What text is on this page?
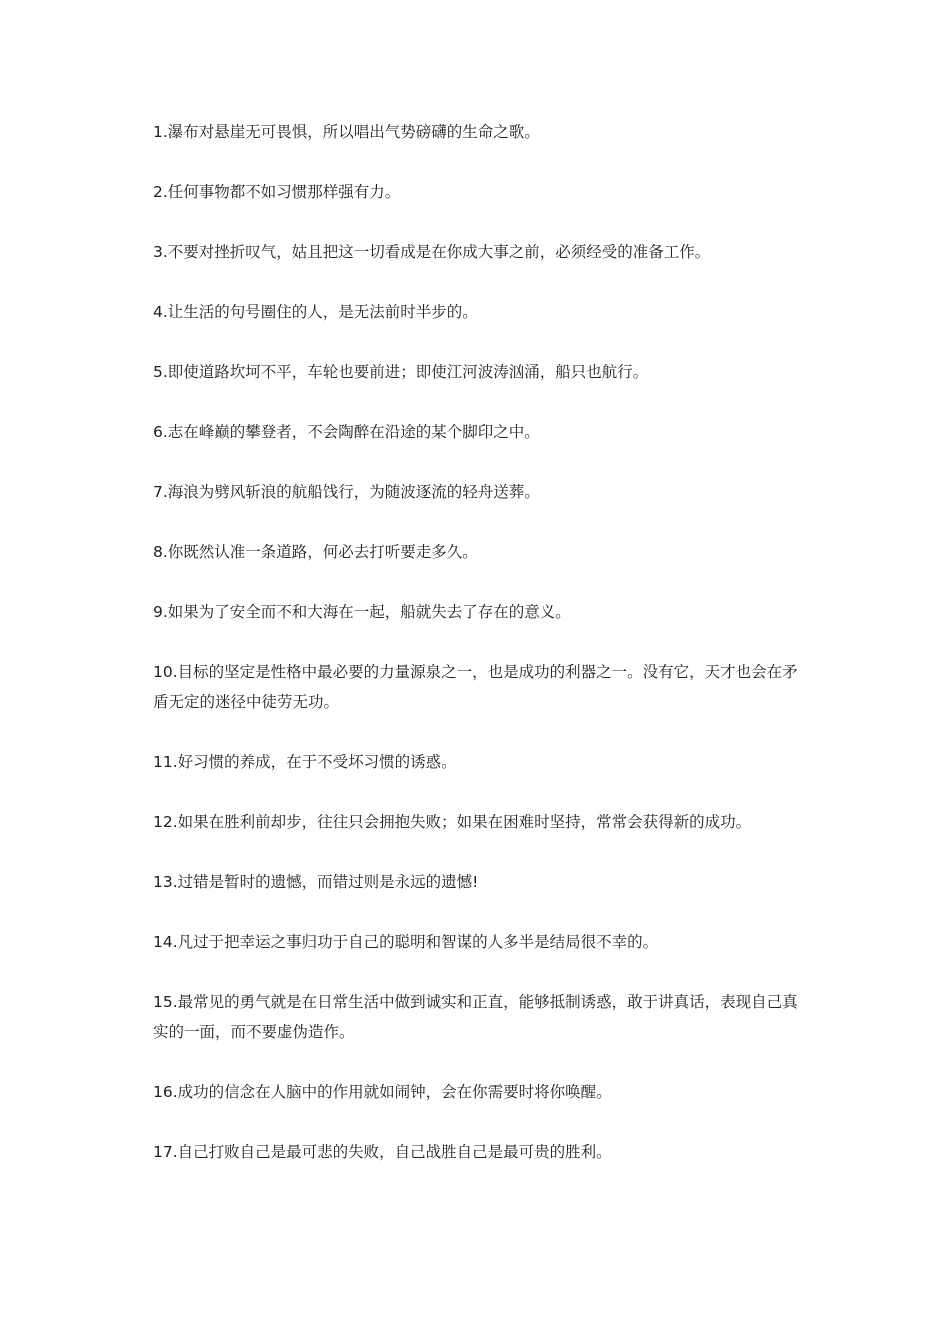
1.瀑布对悬崖无可畏惧，所以唱出气势磅礴的生命之歌。
2.任何事物都不如习惯那样强有力。
3.不要对挫折叹气，姑且把这一切看成是在你成大事之前，必须经受的准备工作。
4.让生活的句号圈住的人，是无法前时半步的。
5.即使道路坎坷不平，车轮也要前进；即使江河波涛汹涌，船只也航行。
6.志在峰巅的攀登者，不会陶醉在沿途的某个脚印之中。
7.海浪为劈风斩浪的航船饯行，为随波逐流的轻舟送葬。
8.你既然认准一条道路，何必去打听要走多久。
9.如果为了安全而不和大海在一起，船就失去了存在的意义。
10.目标的坚定是性格中最必要的力量源泉之一，也是成功的利器之一。没有它，天才也会在矛盾无定的迷径中徒劳无功。
11.好习惯的养成，在于不受坏习惯的诱惑。
12.如果在胜利前却步，往往只会拥抱失败；如果在困难时坚持，常常会获得新的成功。
13.过错是暂时的遗憾，而错过则是永远的遗憾!
14.凡过于把幸运之事归功于自己的聪明和智谋的人多半是结局很不幸的。
15.最常见的勇气就是在日常生活中做到诚实和正直，能够抵制诱惑，敢于讲真话，表现自己真实的一面，而不要虚伪造作。
16.成功的信念在人脑中的作用就如闹钟，会在你需要时将你唤醒。
17.自己打败自己是最可悲的失败，自己战胜自己是最可贵的胜利。
